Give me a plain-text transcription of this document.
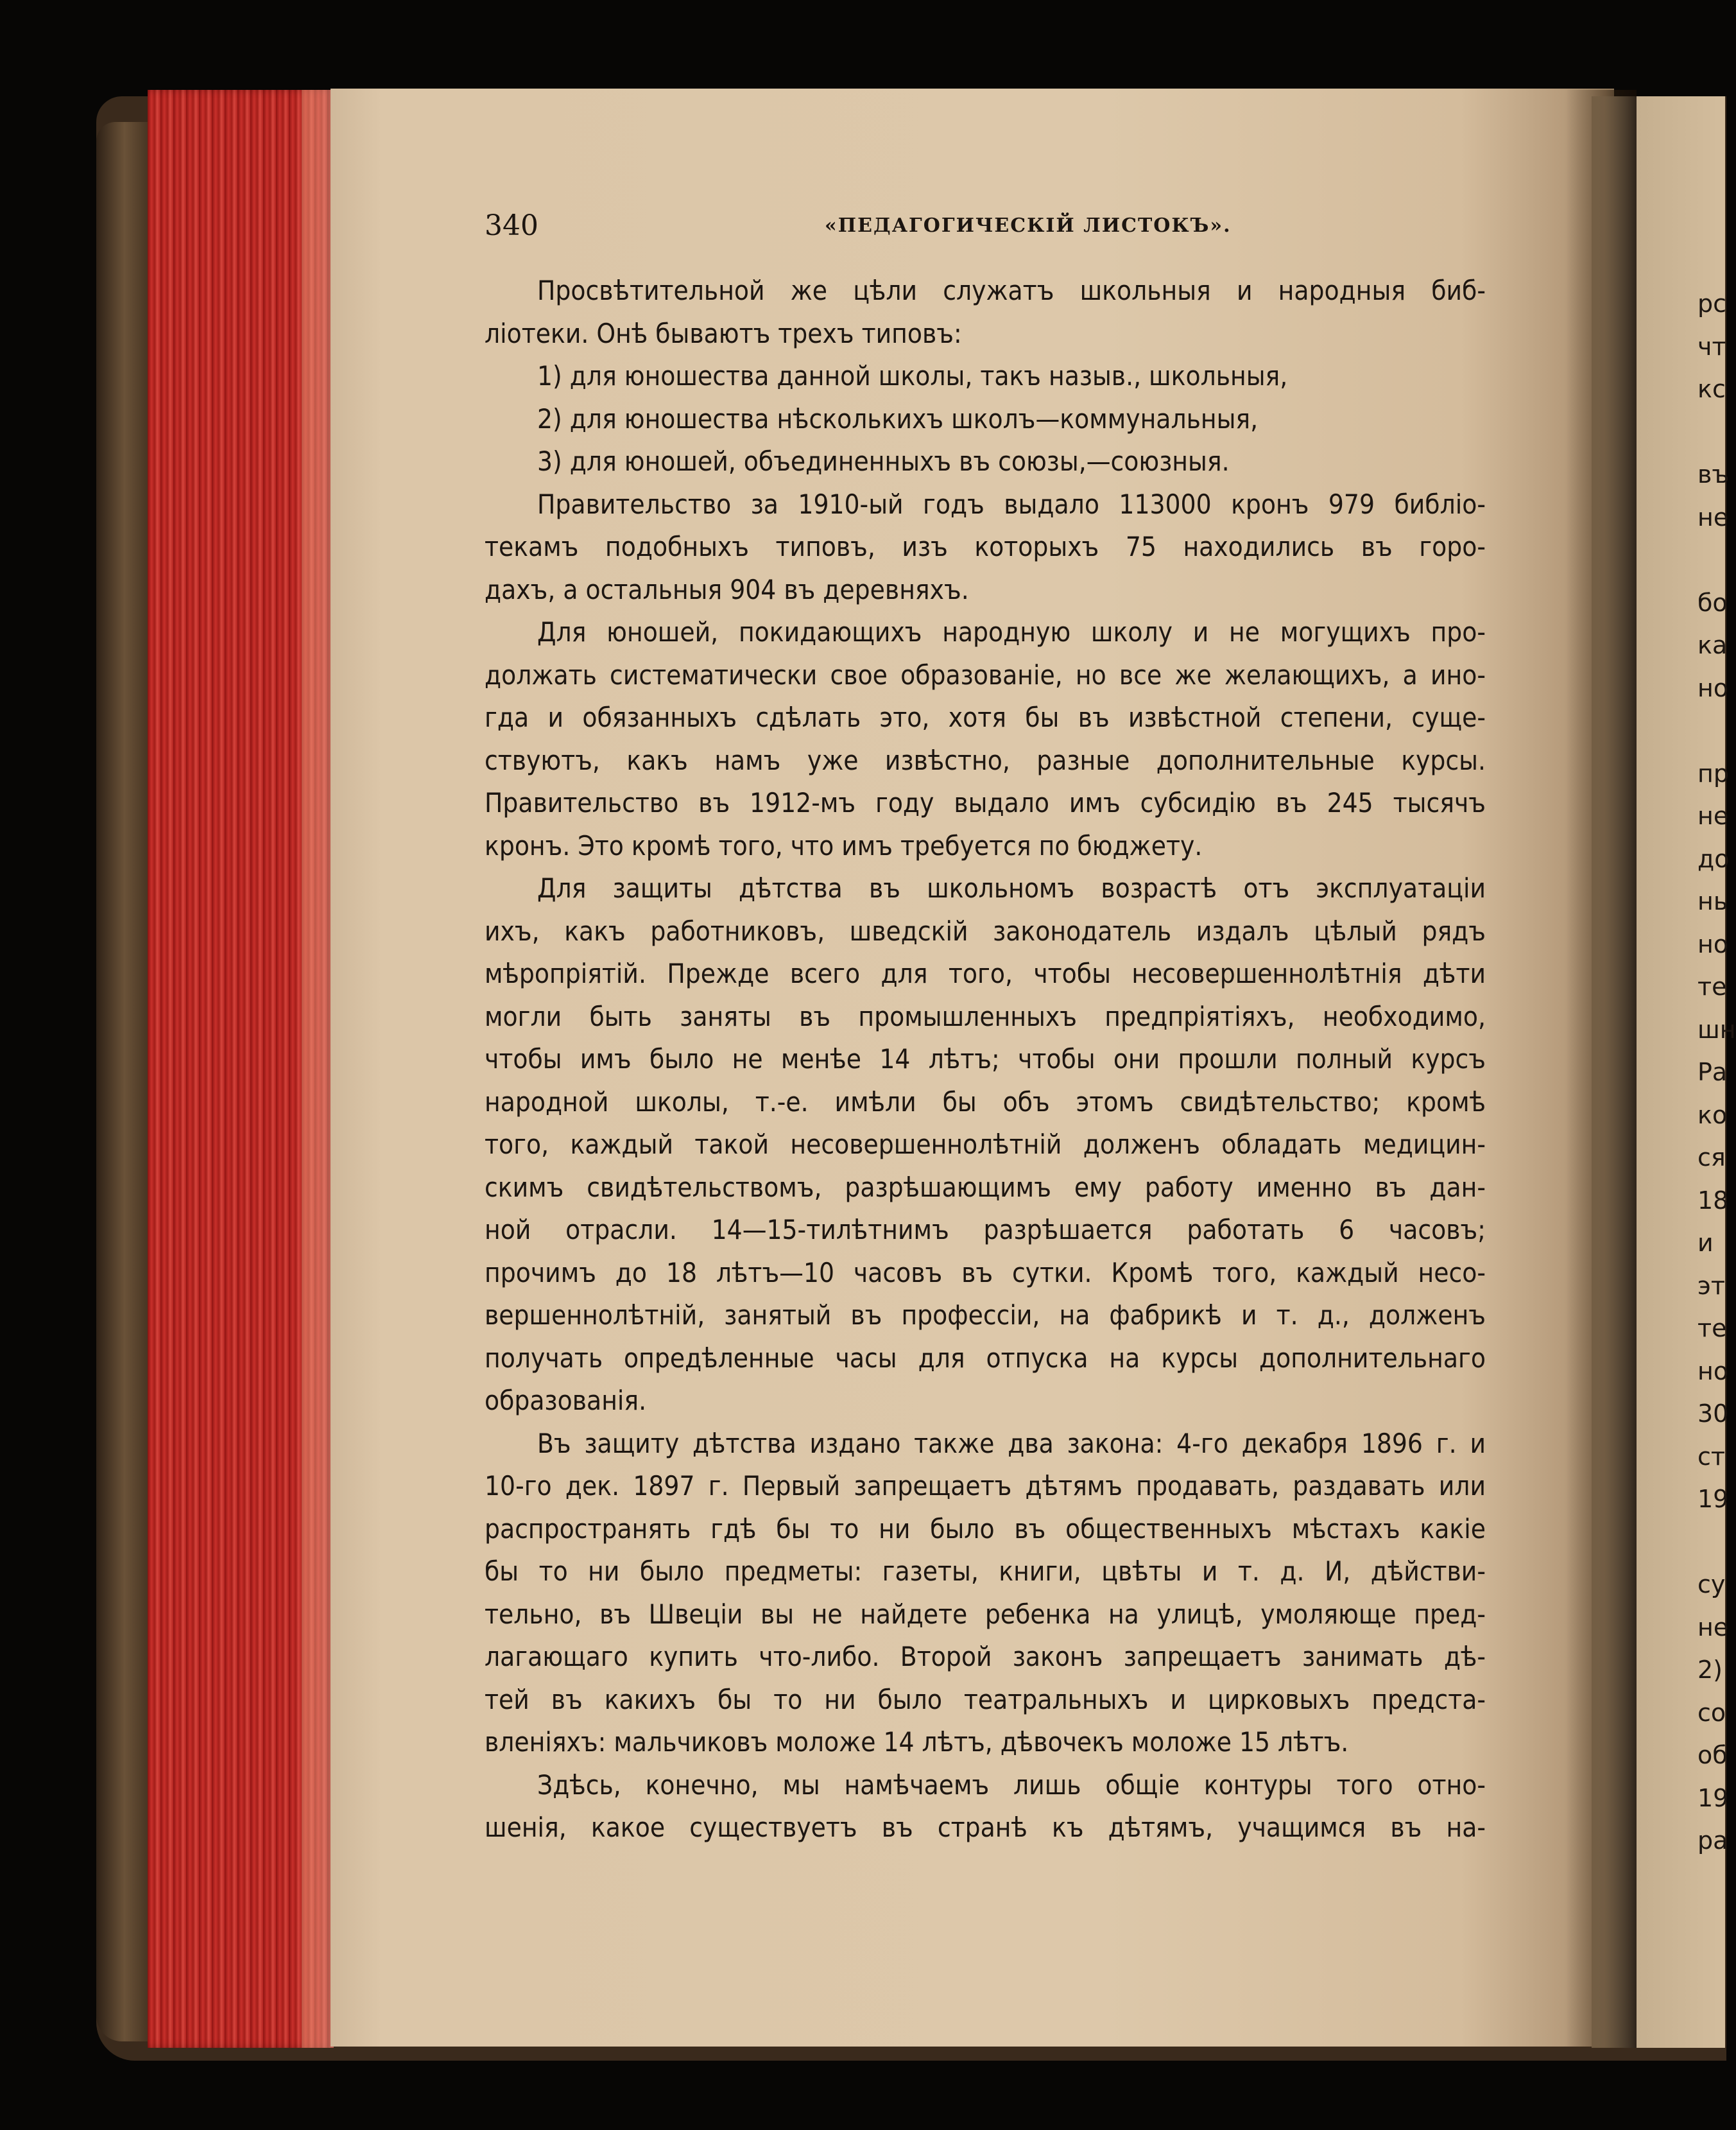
340	«ПЕДАГОГИЧЕСКІЙ ЛИСТОКЪ».
Просвѣтительной же цѣли служатъ школьныя и народныя биб-
ліотеки. Онѣ бываютъ трехъ типовъ:
1) для юношества данной школы, такъ назыв., школьныя,
2) для юношества нѣсколькихъ школъ—коммунальныя,
3) для юношей, объединенныхъ въ союзы,—союзныя.
Правительство за 1910-ый годъ выдало 113000 кронъ 979 библіо-
текамъ подобныхъ типовъ, изъ которыхъ 75 находились въ горо-
дахъ, а остальныя 904 въ деревняхъ.
Для юношей, покидающихъ народную школу и не могущихъ про-
должать систематически свое образованіе, но все же желающихъ, а ино-
гда и обязанныхъ сдѣлать это, хотя бы въ извѣстной степени, суще-
ствуютъ, какъ намъ уже извѣстно, разные дополнительные курсы.
Правительство въ 1912-мъ году выдало имъ субсидію въ 245 тысячъ
кронъ. Это кромѣ того, что имъ требуется по бюджету.
Для защиты дѣтства въ школьномъ возрастѣ отъ эксплуатаціи
ихъ, какъ работниковъ, шведскій законодатель издалъ цѣлый рядъ
мѣропріятій. Прежде всего для того, чтобы несовершеннолѣтнія дѣти
могли быть заняты въ промышленныхъ предпріятіяхъ, необходимо,
чтобы имъ было не менѣе 14 лѣтъ; чтобы они прошли полный курсъ
народной школы, т.-е. имѣли бы объ этомъ свидѣтельство; кромѣ
того, каждый такой несовершеннолѣтній долженъ обладать медицин-
скимъ свидѣтельствомъ, разрѣшающимъ ему работу именно въ дан-
ной отрасли. 14—15-тилѣтнимъ разрѣшается работать 6 часовъ;
прочимъ до 18 лѣтъ—10 часовъ въ сутки. Кромѣ того, каждый несо-
вершеннолѣтній, занятый въ профессіи, на фабрикѣ и т. д., долженъ
получать опредѣленные часы для отпуска на курсы дополнительнаго
образованія.
Въ защиту дѣтства издано также два закона: 4-го декабря 1896 г. и
10-го дек. 1897 г. Первый запрещаетъ дѣтямъ продавать, раздавать или
распространять гдѣ бы то ни было въ общественныхъ мѣстахъ какіе
бы то ни было предметы: газеты, книги, цвѣты и т. д. И, дѣйстви-
тельно, въ Швеціи вы не найдете ребенка на улицѣ, умоляюще пред-
лагающаго купить что-либо. Второй законъ запрещаетъ занимать дѣ-
тей въ какихъ бы то ни было театральныхъ и цирковыхъ предста-
вленіяхъ: мальчиковъ моложе 14 лѣтъ, дѣвочекъ моложе 15 лѣтъ.
Здѣсь, конечно, мы намѣчаемъ лишь общіе контуры того отно-
шенія, какое существуетъ въ странѣ къ дѣтямъ, учащимся въ на-
рс
чт
кс
въ
не
бо
ка
но
пр
не
до
нь
но
те
шн
Ра
ко
ся
18
и
эт
те
но
30
ст
19
су
не
2)
со
об
19
ра
